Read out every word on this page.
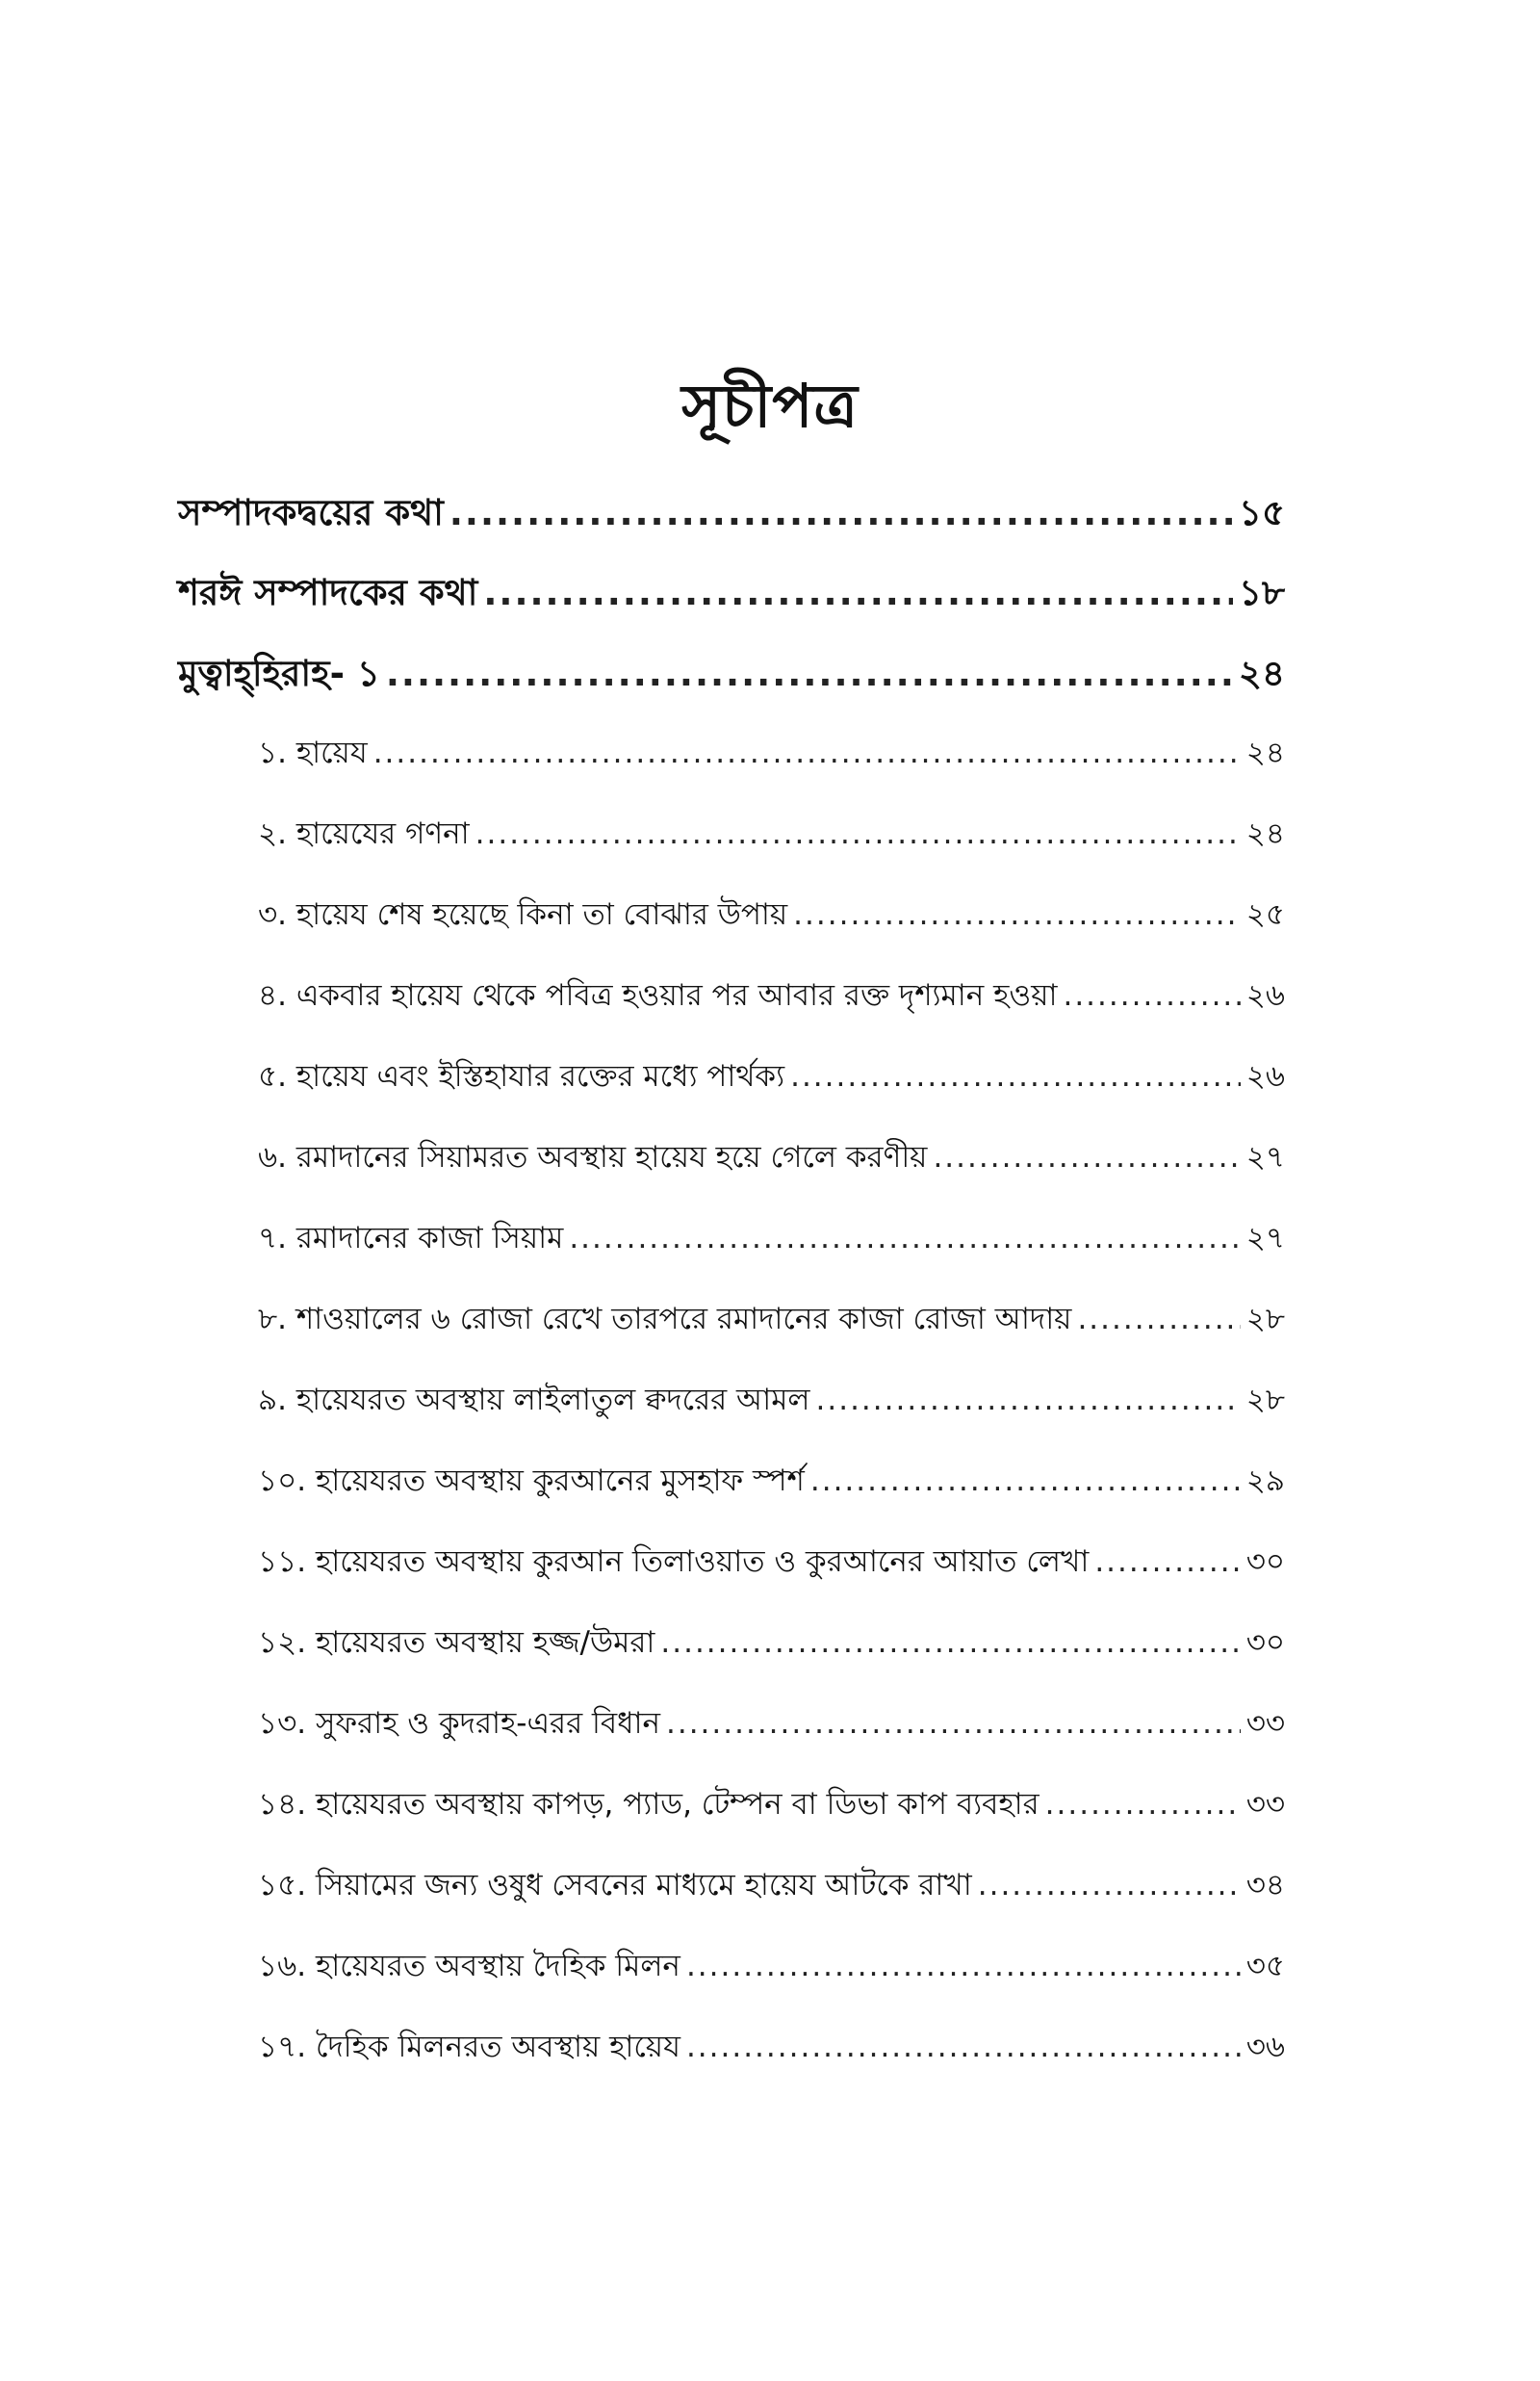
সূচীপত্র
সম্পাদকদ্বয়ের কথা .....	১৫
শরঈ সম্পাদকের কথা .....	১৮
মুত্বাহ্‌হিরাহ- ১ .....	২৪
১. হায়েয .....	২৪
২. হায়েযের গণনা .....	২৪
৩. হায়েয শেষ হয়েছে কিনা তা বোঝার উপায় .....	২৫
৪. একবার হায়েয থেকে পবিত্র হওয়ার পর আবার রক্ত দৃশ্যমান হওয়া .....	২৬
৫. হায়েয এবং ইস্তিহাযার রক্তের মধ্যে পার্থক্য .....	২৬
৬. রমাদানের সিয়ামরত অবস্থায় হায়েয হয়ে গেলে করণীয় .....	২৭
৭. রমাদানের কাজা সিয়াম .....	২৭
৮. শাওয়ালের ৬ রোজা রেখে তারপরে রমাদানের কাজা রোজা আদায় .....	২৮
৯. হায়েযরত অবস্থায় লাইলাতুল ক্বদরের আমল .....	২৮
১০. হায়েযরত অবস্থায় কুরআনের মুসহাফ স্পর্শ .....	২৯
১১. হায়েযরত অবস্থায় কুরআন তিলাওয়াত ও কুরআনের আয়াত লেখা .....	৩০
১২. হায়েযরত অবস্থায় হজ্জ/উমরা .....	৩০
১৩. সুফরাহ ও কুদরাহ-এরর বিধান .....	৩৩
১৪. হায়েযরত অবস্থায় কাপড়, প্যাড, টেম্পন বা ডিভা কাপ ব্যবহার .....	৩৩
১৫. সিয়ামের জন্য ওষুধ সেবনের মাধ্যমে হায়েয আটকে রাখা .....	৩৪
১৬. হায়েযরত অবস্থায় দৈহিক মিলন .....	৩৫
১৭. দৈহিক মিলনরত অবস্থায় হায়েয .....	৩৬
